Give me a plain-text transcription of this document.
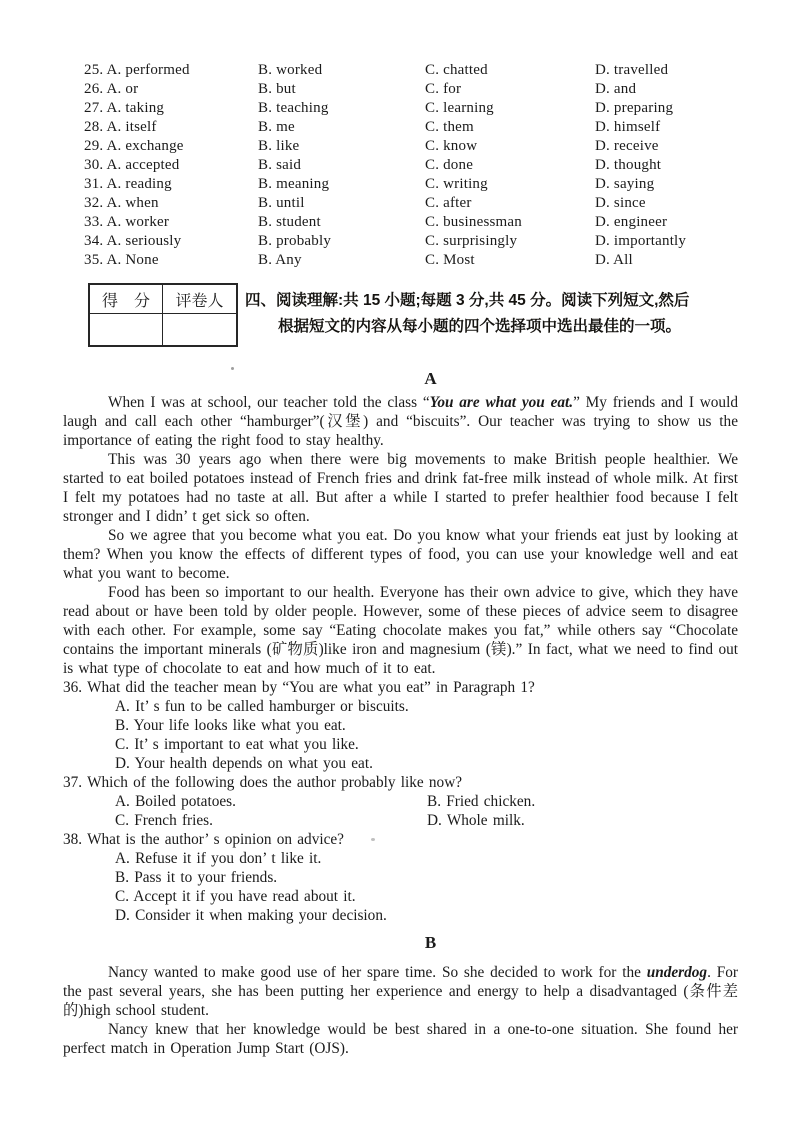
25. A. performed	B. worked	C. chatted	D. travelled
26. A. or	B. but	C. for	D. and
27. A. taking	B. teaching	C. learning	D. preparing
28. A. itself	B. me	C. them	D. himself
29. A. exchange	B. like	C. know	D. receive
30. A. accepted	B. said	C. done	D. thought
31. A. reading	B. meaning	C. writing	D. saying
32. A. when	B. until	C. after	D. since
33. A. worker	B. student	C. businessman	D. engineer
34. A. seriously	B. probably	C. surprisingly	D. importantly
35. A. None	B. Any	C. Most	D. All
得　分	评卷人	四、阅读理解:共 15 小题;每题 3 分,共 45 分。阅读下列短文,然后
根据短文的内容从每小题的四个选择项中选出最佳的一项。
A

When I was at school, our teacher told the class “You are what you eat.” My friends and I would laugh and call each other “hamburger”(汉堡) and “biscuits”. Our teacher was trying to show us the importance of eating the right food to stay healthy.

This was 30 years ago when there were big movements to make British people healthier. We started to eat boiled potatoes instead of French fries and drink fat-free milk instead of whole milk. At first I felt my potatoes had no taste at all. But after a while I started to prefer healthier food because I felt stronger and I didn’ t get sick so often.

So we agree that you become what you eat. Do you know what your friends eat just by looking at them? When you know the effects of different types of food, you can use your knowledge well and eat what you want to become.

Food has been so important to our health. Everyone has their own advice to give, which they have read about or have been told by older people. However, some of these pieces of advice seem to disagree with each other. For example, some say “Eating chocolate makes you fat,” while others say “Chocolate contains the important minerals (矿物质)like iron and magnesium (镁).” In fact, what we need to find out is what type of chocolate to eat and how much of it to eat.

36. What did the teacher mean by “You are what you eat” in Paragraph 1?
A. It’ s fun to be called hamburger or biscuits.
B. Your life looks like what you eat.
C. It’ s important to eat what you like.
D. Your health depends on what you eat.
37. Which of the following does the author probably like now?
A. Boiled potatoes.	B. Fried chicken.
C. French fries.	D. Whole milk.
38. What is the author’ s opinion on advice?
A. Refuse it if you don’ t like it.
B. Pass it to your friends.
C. Accept it if you have read about it.
D. Consider it when making your decision.
B

Nancy wanted to make good use of her spare time. So she decided to work for the underdog. For the past several years, she has been putting her experience and energy to help a disadvantaged (条件差的)high school student.

Nancy knew that her knowledge would be best shared in a one-to-one situation. She found her perfect match in Operation Jump Start (OJS).
